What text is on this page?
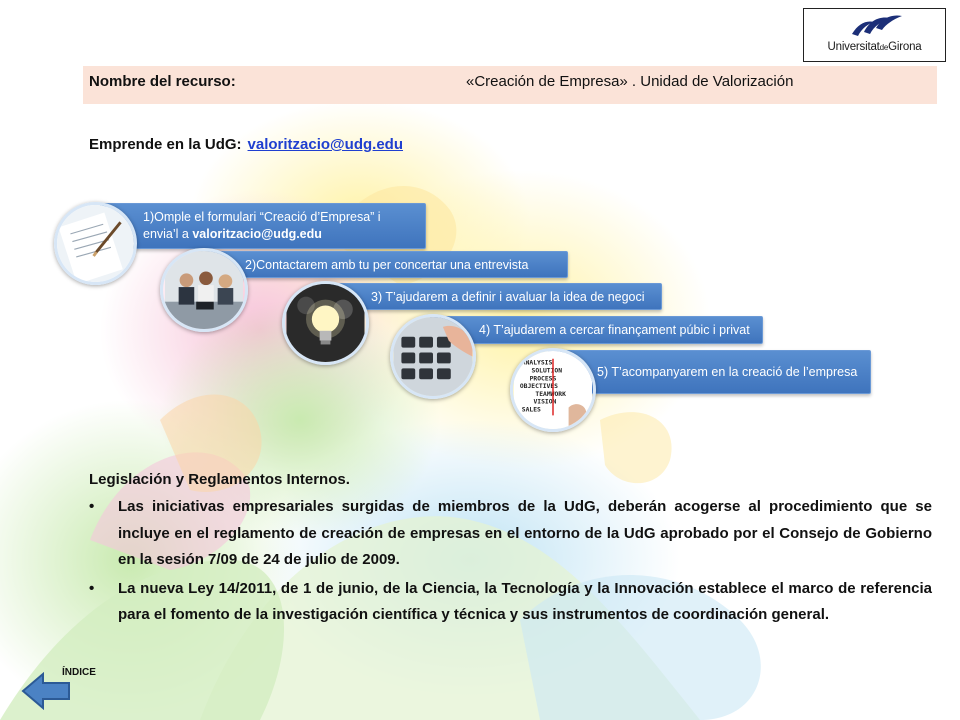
UniversitatdeGirona
Nombre del recurso:	«Creación de Empresa» . Unidad de Valorización
Emprende en la UdG: valoritzacio@udg.edu
1)Omple el formulari “Creació d’Empresa” i
envia’l a valoritzacio@udg.edu
2)Contactarem amb tu per concertar una entrevista
3) T’ajudarem a definir i avaluar la idea de negoci
4) T’ajudarem a cercar finançament púbic i privat
5) T’acompanyarem en la creació de l’empresa
ANALYSIS
SOLUTION
PROCESS
OBJECTIVES
TEAMWORK
VISION
SALES
Legislación y Reglamentos Internos.
• Las iniciativas empresariales surgidas de miembros de la UdG, deberán acogerse al procedimiento que se incluye en el reglamento de creación de empresas en el entorno de la UdG aprobado por el Consejo de Gobierno en la sesión 7/09 de 24 de julio de 2009.
• La nueva Ley 14/2011, de 1 de junio, de la Ciencia, la Tecnología y la Innovación establece el marco de referencia para el fomento de la investigación científica y técnica y sus instrumentos de coordinación general.
ÍNDICE
